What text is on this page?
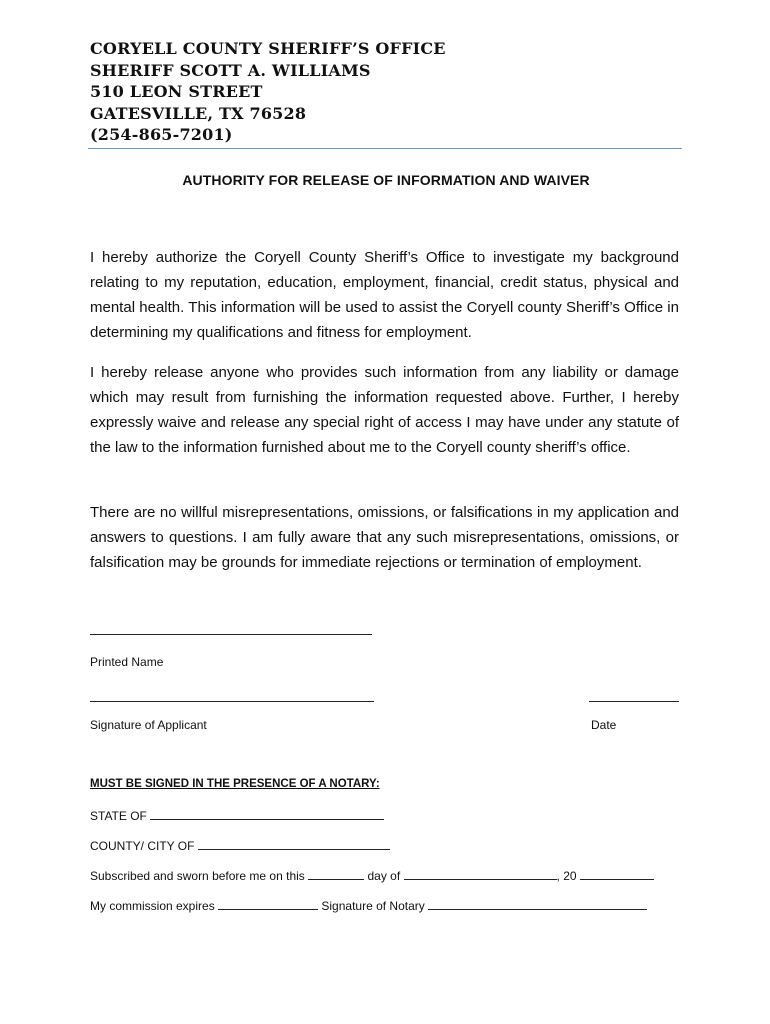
CORYELL COUNTY SHERIFF’S OFFICE
SHERIFF SCOTT A. WILLIAMS
510 LEON STREET
GATESVILLE, TX 76528
(254-865-7201)
AUTHORITY FOR RELEASE OF INFORMATION AND WAIVER

I hereby authorize the Coryell County Sheriff’s Office to investigate my background relating to my reputation, education, employment, financial, credit status, physical and mental health. This information will be used to assist the Coryell county Sheriff’s Office in determining my qualifications and fitness for employment.

I hereby release anyone who provides such information from any liability or damage which may result from furnishing the information requested above. Further, I hereby expressly waive and release any special right of access I may have under any statute of the law to the information furnished about me to the Coryell county sheriff’s office.

There are no willful misrepresentations, omissions, or falsifications in my application and answers to questions. I am fully aware that any such misrepresentations, omissions, or falsification may be grounds for immediate rejections or termination of employment.

Printed Name
Signature of Applicant	Date
MUST BE SIGNED IN THE PRESENCE OF A NOTARY:
STATE OF
COUNTY/ CITY OF
Subscribed and sworn before me on this	day of	, 20
My commission expires	Signature of Notary
